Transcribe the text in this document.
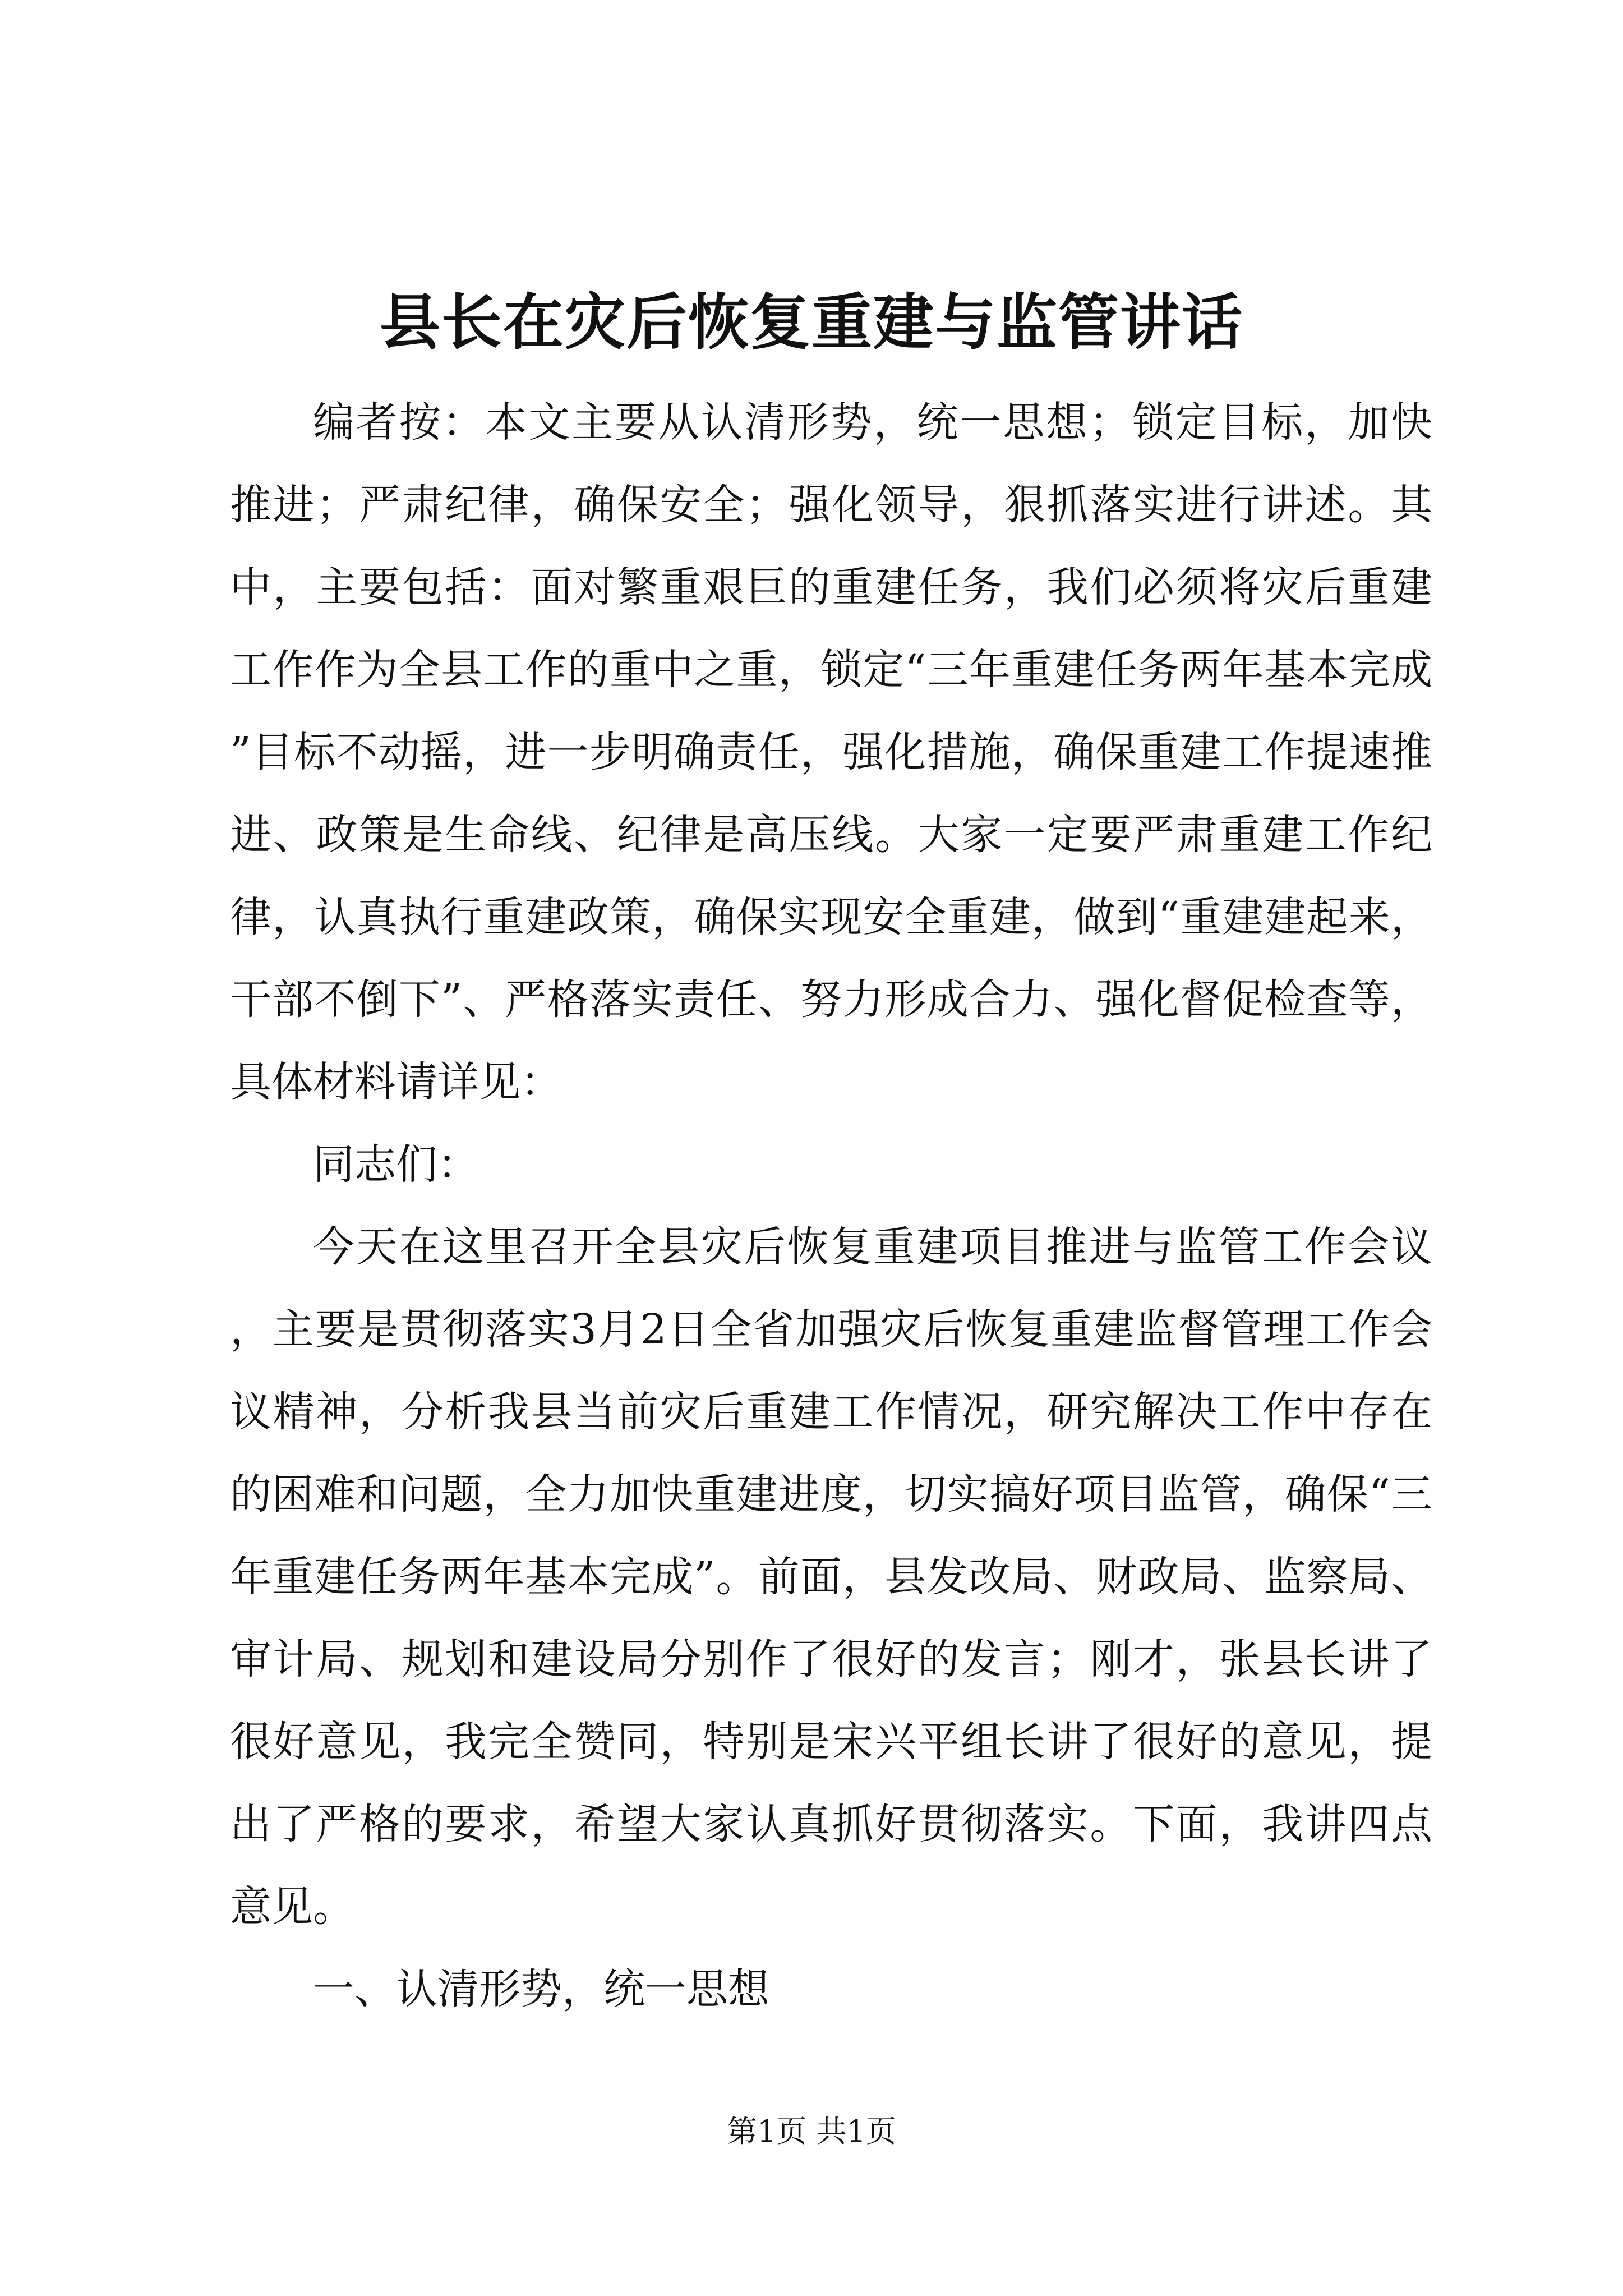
县长在灾后恢复重建与监管讲话

编者按：本文主要从认清形势，统一思想；锁定目标，加快推进；严肃纪律，确保安全；强化领导，狠抓落实进行讲述。其中，主要包括：面对繁重艰巨的重建任务，我们必须将灾后重建工作作为全县工作的重中之重，锁定“三年重建任务两年基本完成”目标不动摇，进一步明确责任，强化措施，确保重建工作提速推进、政策是生命线、纪律是高压线。大家一定要严肃重建工作纪律，认真执行重建政策，确保实现安全重建，做到“重建建起来，干部不倒下”、严格落实责任、努力形成合力、强化督促检查等，具体材料请详见：

同志们：

今天在这里召开全县灾后恢复重建项目推进与监管工作会议，主要是贯彻落实3月2日全省加强灾后恢复重建监督管理工作会议精神，分析我县当前灾后重建工作情况，研究解决工作中存在的困难和问题，全力加快重建进度，切实搞好项目监管，确保“三年重建任务两年基本完成”。前面，县发改局、财政局、监察局、审计局、规划和建设局分别作了很好的发言；刚才，张县长讲了很好意见，我完全赞同，特别是宋兴平组长讲了很好的意见，提出了严格的要求，希望大家认真抓好贯彻落实。下面，我讲四点意见。

一、认清形势，统一思想

第1页 共1页
